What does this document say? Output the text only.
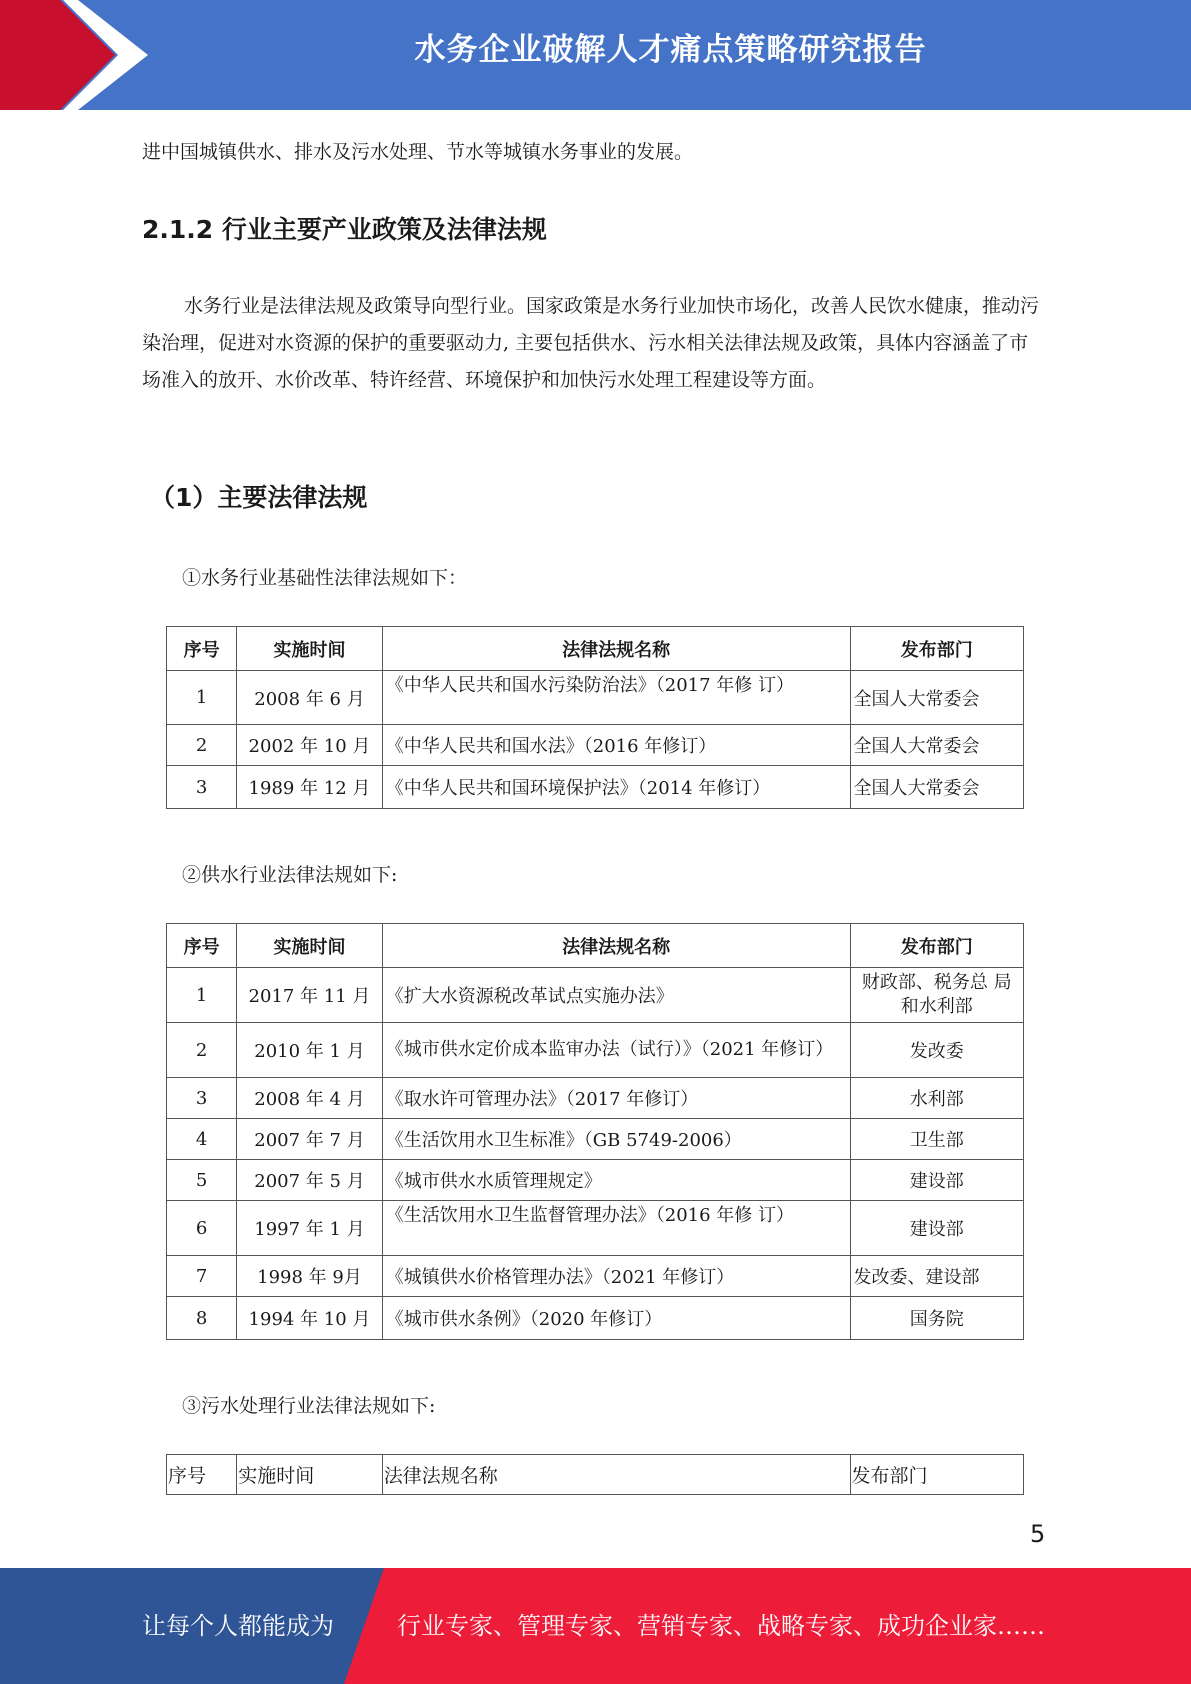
水务企业破解人才痛点策略研究报告
进中国城镇供水、排水及污水处理、节水等城镇水务事业的发展。
2.1.2 行业主要产业政策及法律法规
水务行业是法律法规及政策导向型行业。国家政策是水务行业加快市场化，改善人民饮水健康，推动污染治理，促进对水资源的保护的重要驱动力, 主要包括供水、污水相关法律法规及政策，具体内容涵盖了市场准入的放开、水价改革、特许经营、环境保护和加快污水处理工程建设等方面。
（1）主要法律法规
①水务行业基础性法律法规如下：
序号	实施时间	法律法规名称	发布部门
1	2008 年 6 月	《中华人民共和国水污染防治法》（2017 年修 订）	全国人大常委会
2	2002 年 10 月	《中华人民共和国水法》（2016 年修订）	全国人大常委会
3	1989 年 12 月	《中华人民共和国环境保护法》（2014 年修订）	全国人大常委会
②供水行业法律法规如下:
序号	实施时间	法律法规名称	发布部门
1	2017 年 11 月	《扩大水资源税改革试点实施办法》	财政部、税务总 局和水利部
2	2010 年 1 月	《城市供水定价成本监审办法（试行）》（2021 年修订）	发改委
3	2008 年 4 月	《取水许可管理办法》（2017 年修订）	水利部
4	2007 年 7 月	《生活饮用水卫生标准》（GB 5749-2006）	卫生部
5	2007 年 5 月	《城市供水水质管理规定》	建设部
6	1997 年 1 月	《生活饮用水卫生监督管理办法》（2016 年修 订）	建设部
7	1998 年 9月	《城镇供水价格管理办法》（2021 年修订）	发改委、建设部
8	1994 年 10 月	《城市供水条例》（2020 年修订）	国务院
③污水处理行业法律法规如下:
序号	实施时间	法律法规名称	发布部门
5
让每个人都能成为	行业专家、管理专家、营销专家、战略专家、成功企业家……
